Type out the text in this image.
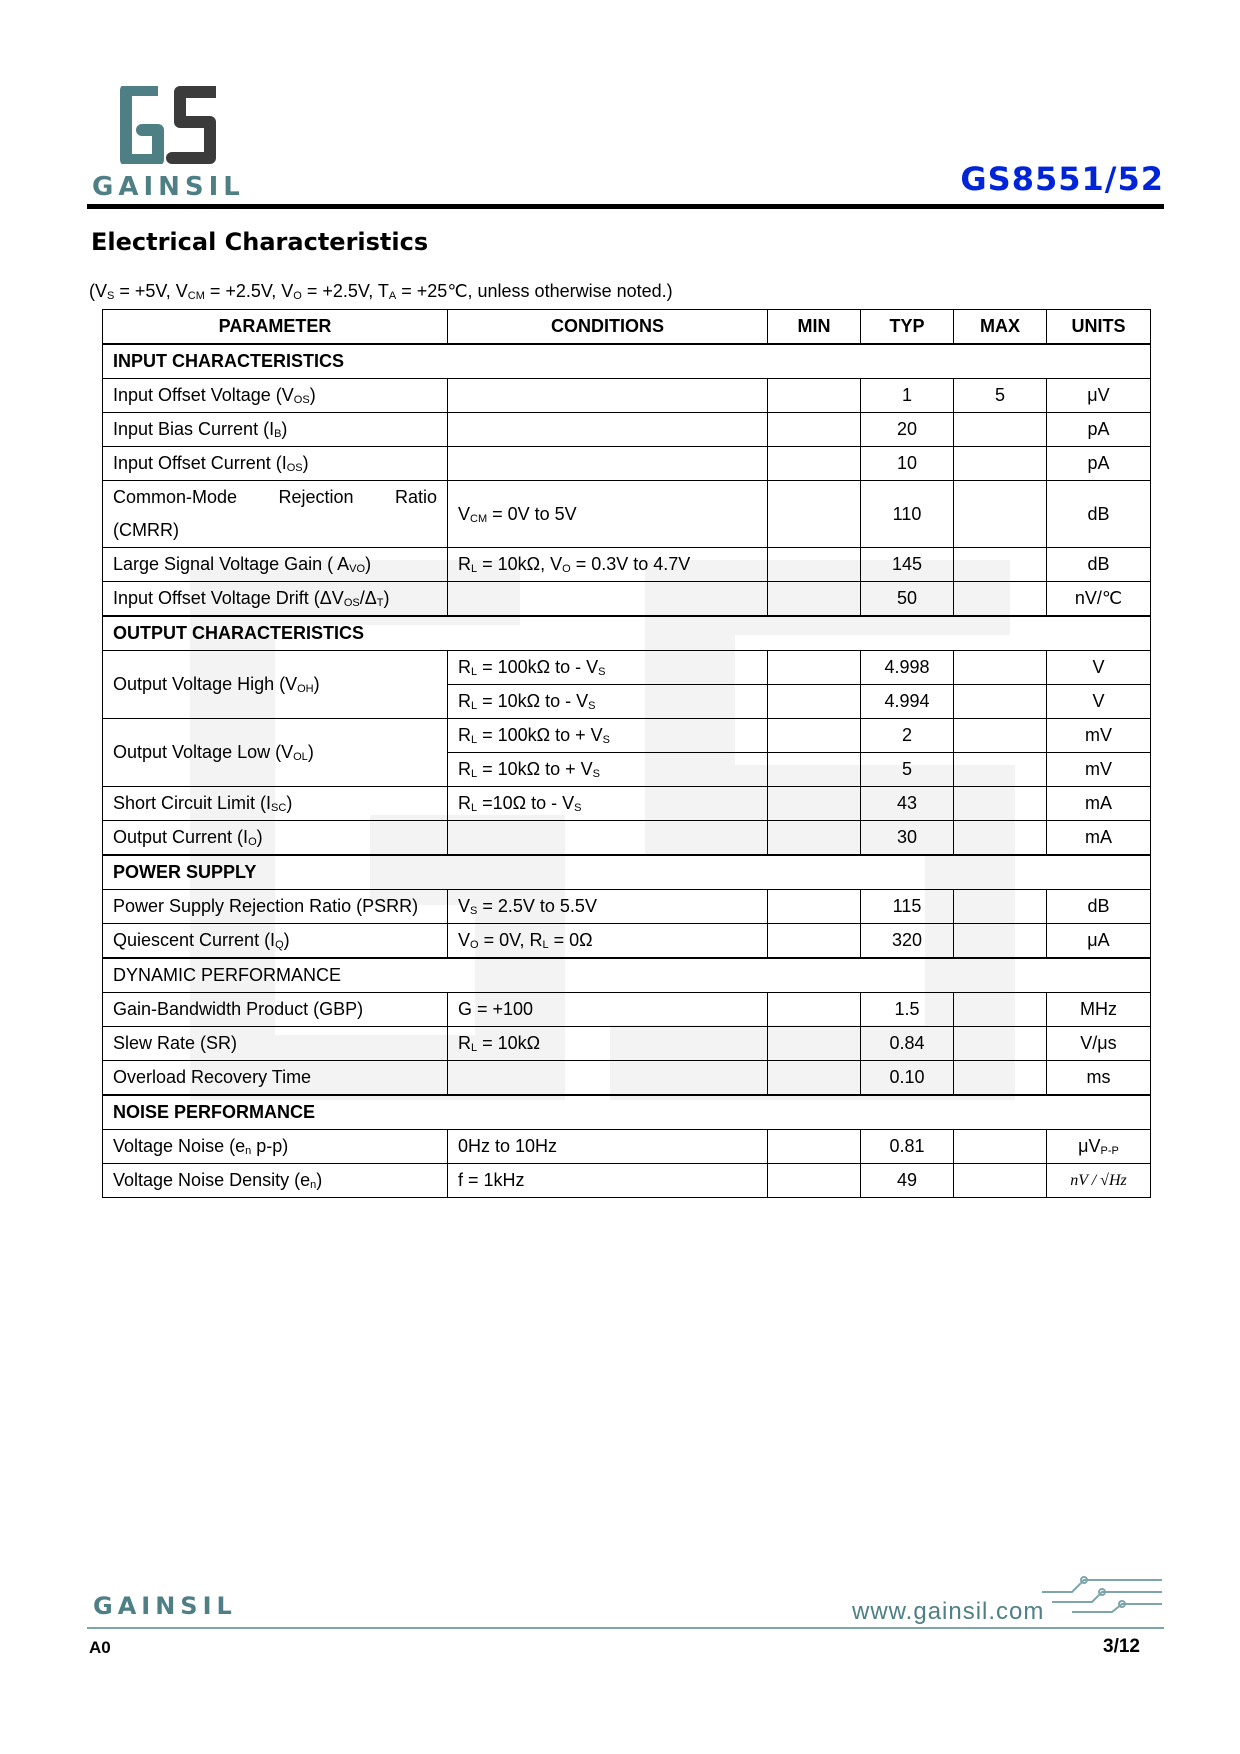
GAINSIL	GS8551/52
Electrical Characteristics
($V_S = +5V$, $V_{CM} = +2.5V$, $V_O = +2.5V$, $T_A$ = +25℃, unless otherwise noted.)
PARAMETER	CONDITIONS	MIN	TYP	MAX	UNITS
INPUT CHARACTERISTICS					
Input Offset Voltage $(V_{OS})$			1	5	μV
Input Bias Current $(I_B)$			20		pA
Input Offset Current $(I_{OS})$			10		pA

Common-Mode Rejection Ratio
(CMRR)	$V_{CM} = 0V$ to 5V		110		dB
Large Signal Voltage Gain ( $A_{VO}$)	$R_L = 10k\Omega$, $V_O = 0.3V$ to 4.7V		145		dB
Input Offset Voltage Drift $(\Delta V_{OS}/\Delta_T)$			50		nV/℃
OUTPUT CHARACTERISTICS					
Output Voltage High $(V_{OH})$	$R_L = 100k\Omega$ to - $V_S$		4.998		V
	$R_L = 10k\Omega$ to - $V_S$		4.994		V
Output Voltage Low $(V_{OL})$	$R_L = 100k\Omega$ to + $V_S$		2		mV
	$R_L = 10k\Omega$ to + $V_S$		5		mV
Short Circuit Limit $(I_{SC})$	$R_L =10\Omega$ to - $V_S$		43		mA
Output Current $(I_O)$			30		mA
POWER SUPPLY					
Power Supply Rejection Ratio (PSRR)	$V_S = 2.5V$ to 5.5V		115		dB
Quiescent Current $(I_Q)$	$V_O = 0V$, $R_L = 0\Omega$		320		μA
DYNAMIC PERFORMANCE					
Gain-Bandwidth Product (GBP)	G = +100		1.5		MHz
Slew Rate (SR)	$R_L = 10k\Omega$		0.84		V/μs
Overload Recovery Time			0.10		ms
NOISE PERFORMANCE					
Voltage Noise ($e_n$ p-p)	0Hz to 10Hz		0.81		$\mu V_{P-P}$
Voltage Noise Density $(e_n)$	f = 1kHz		49		nV / √Hz
GAINSIL	www.gainsil.com
A0	3/12
